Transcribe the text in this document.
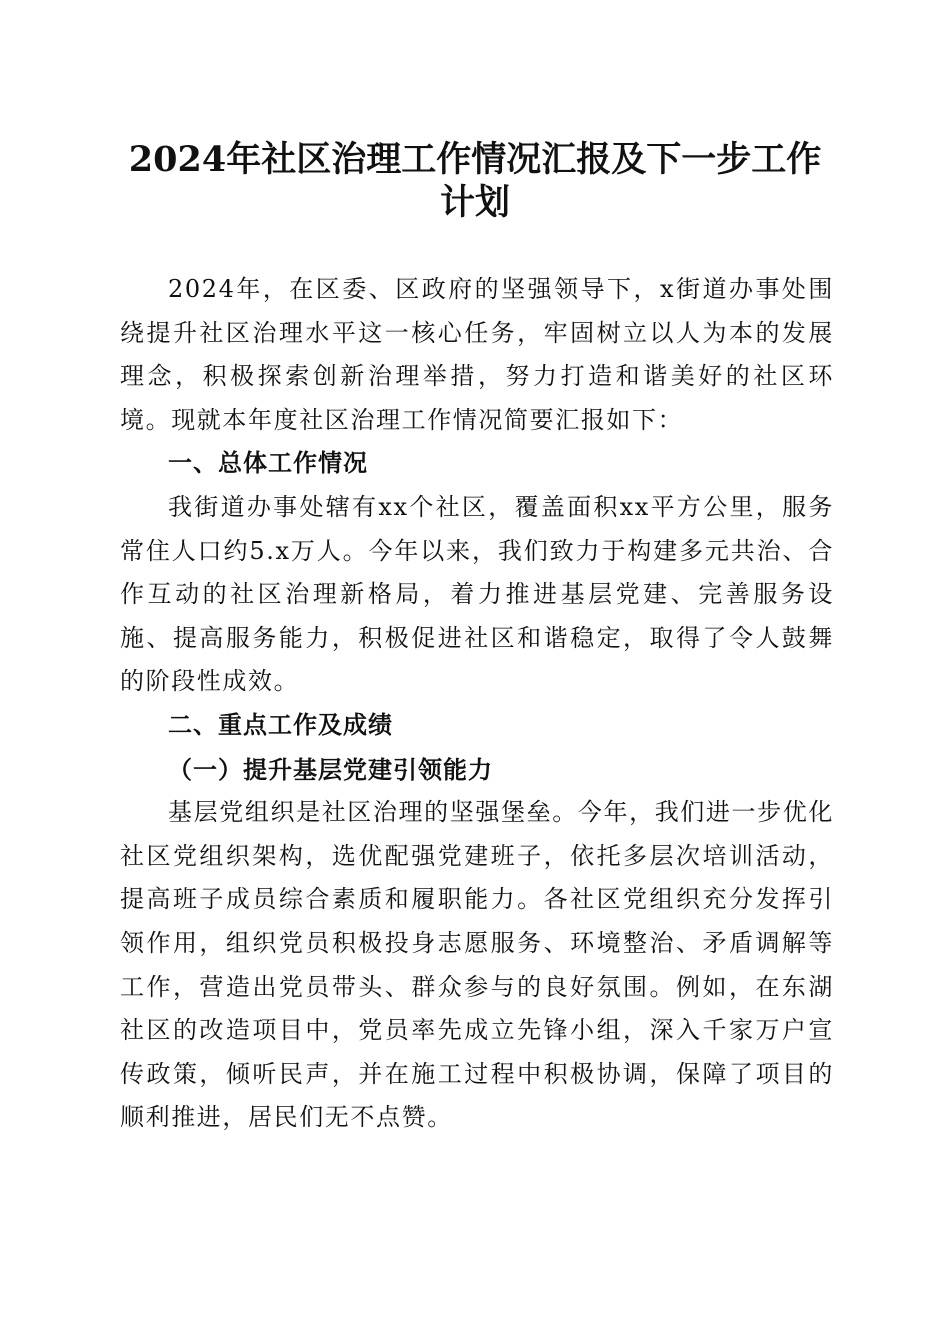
2024年社区治理工作情况汇报及下一步工作
计划

2024年，在区委、区政府的坚强领导下，x街道办事处围绕提升社区治理水平这一核心任务，牢固树立以人为本的发展理念，积极探索创新治理举措，努力打造和谐美好的社区环境。现就本年度社区治理工作情况简要汇报如下：

一、总体工作情况

我街道办事处辖有xx个社区，覆盖面积xx平方公里，服务常住人口约5.x万人。今年以来，我们致力于构建多元共治、合作互动的社区治理新格局，着力推进基层党建、完善服务设施、提高服务能力，积极促进社区和谐稳定，取得了令人鼓舞的阶段性成效。

二、重点工作及成绩

（一）提升基层党建引领能力

基层党组织是社区治理的坚强堡垒。今年，我们进一步优化社区党组织架构，选优配强党建班子，依托多层次培训活动，提高班子成员综合素质和履职能力。各社区党组织充分发挥引领作用，组织党员积极投身志愿服务、环境整治、矛盾调解等工作，营造出党员带头、群众参与的良好氛围。例如，在东湖社区的改造项目中，党员率先成立先锋小组，深入千家万户宣传政策，倾听民声，并在施工过程中积极协调，保障了项目的顺利推进，居民们无不点赞。
